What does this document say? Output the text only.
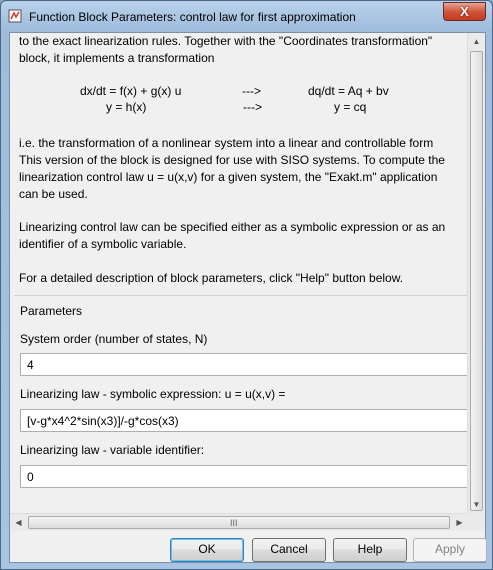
Function Block Parameters: control law for first approximation	X

to the exact linearization rules. Together with the "Coordinates transformation"

block, it implements a transformation

dx/dt = f(x) + g(x) u	--->	dq/dt = Aq + bv
y = h(x)	--->	y = cq

i.e. the transformation of a nonlinear system into a linear and controllable form

This version of the block is designed for use with SISO systems. To compute the

linearization control law u = u(x,v) for a given system, the "Exakt.m" application

can be used.

Linearizing control law can be specified either as a symbolic expression or as an

identifier of a symbolic variable.

For a detailed description of block parameters, click "Help" button below.

Parameters
System order (number of states, N)
4
Linearizing law - symbolic expression: u = u(x,v) =
[v-g*x4^2*sin(x3)]/-g*cos(x3)
Linearizing law - variable identifier:
0
▲
▼
◀	III	▶
OK	Cancel	Help	Apply
